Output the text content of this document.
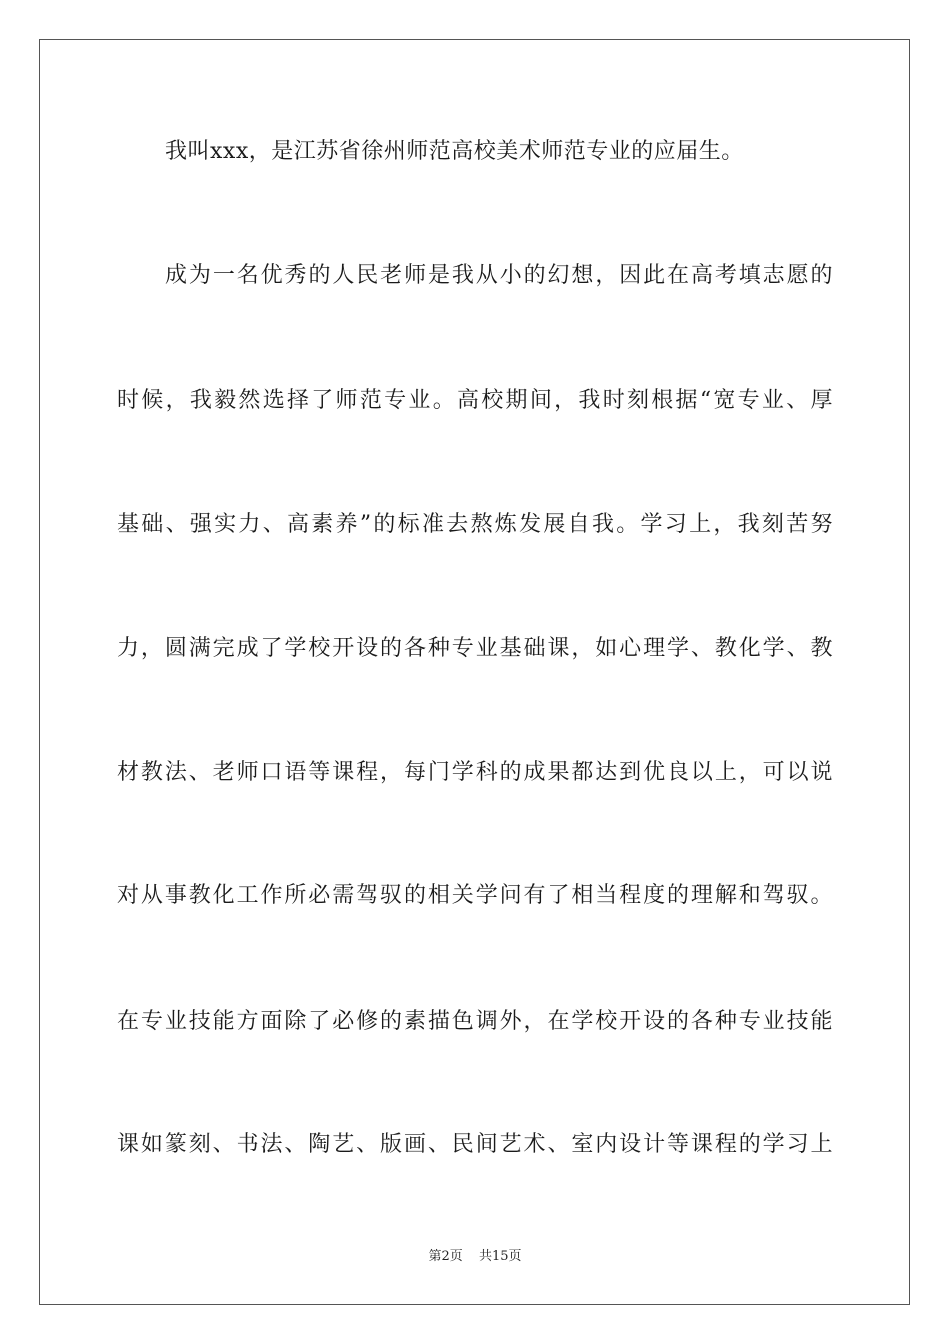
我叫xxx，是江苏省徐州师范高校美术师范专业的应届生。
成为一名优秀的人民老师是我从小的幻想，因此在高考填志愿的
时候，我毅然选择了师范专业。高校期间，我时刻根据“宽专业、厚
基础、强实力、高素养”的标准去熬炼发展自我。学习上，我刻苦努
力，圆满完成了学校开设的各种专业基础课，如心理学、教化学、教
材教法、老师口语等课程，每门学科的成果都达到优良以上，可以说
对从事教化工作所必需驾驭的相关学问有了相当程度的理解和驾驭。
在专业技能方面除了必修的素描色调外，在学校开设的各种专业技能
课如篆刻、书法、陶艺、版画、民间艺术、室内设计等课程的学习上
第2页 共15页
